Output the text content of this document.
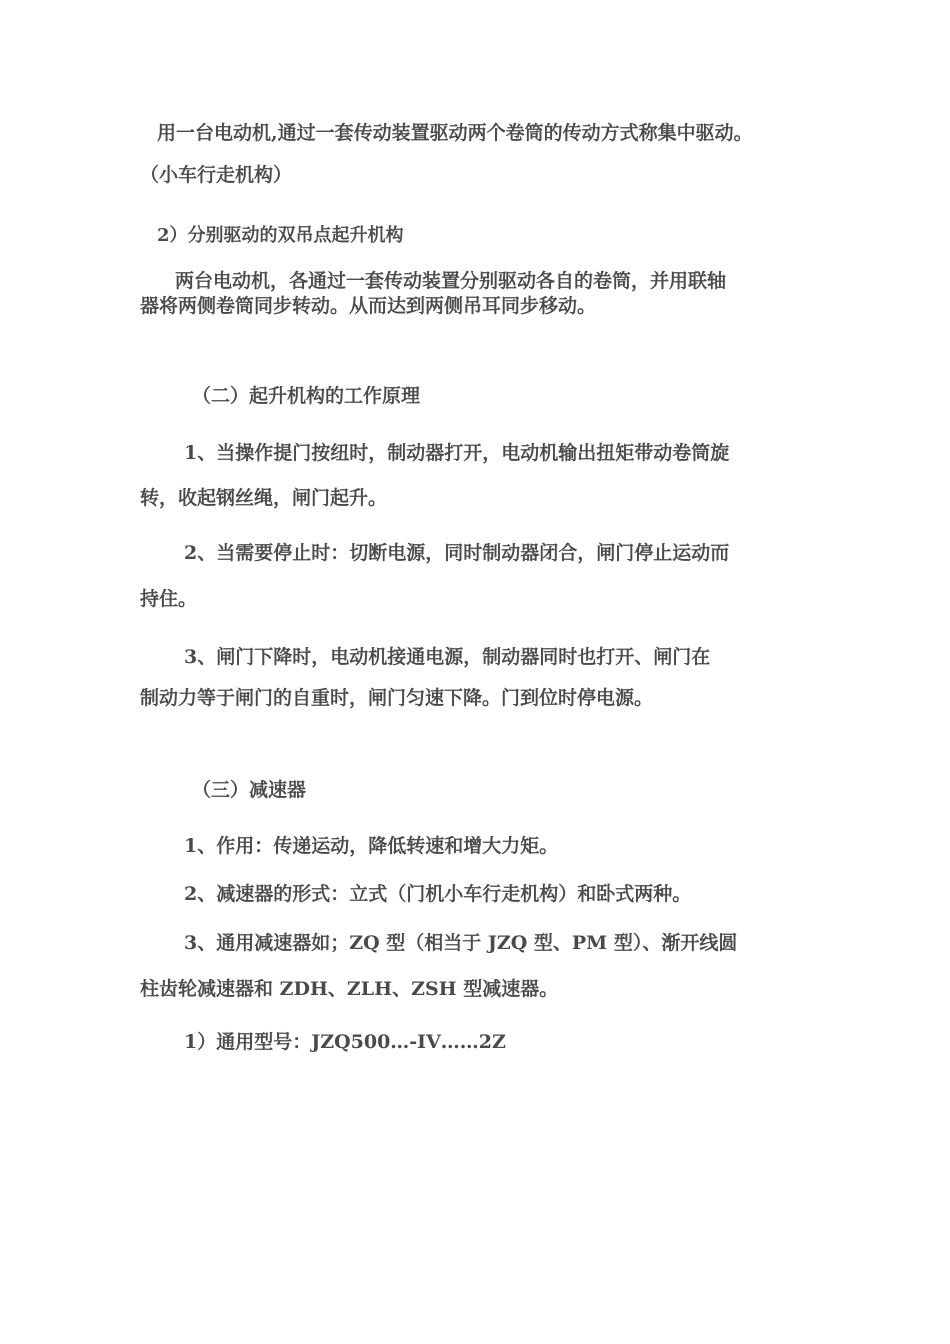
用一台电动机,通过一套传动装置驱动两个卷筒的传动方式称集中驱动。

（小车行走机构）

2）分别驱动的双吊点起升机构

两台电动机，各通过一套传动装置分别驱动各自的卷筒，并用联轴

器将两侧卷筒同步转动。从而达到两侧吊耳同步移动。

（二）起升机构的工作原理

1、当操作提门按纽时，制动器打开，电动机输出扭矩带动卷筒旋

转，收起钢丝绳，闸门起升。

2、当需要停止时：切断电源，同时制动器闭合，闸门停止运动而

持住。

3、闸门下降时，电动机接通电源，制动器同时也打开、闸门在

制动力等于闸门的自重时，闸门匀速下降。门到位时停电源。

（三）减速器

1、作用：传递运动，降低转速和增大力矩。

2、减速器的形式：立式（门机小车行走机构）和卧式两种。

3、通用减速器如；ZQ 型（相当于 JZQ 型、PM 型）、渐开线圆

柱齿轮减速器和 ZDH、ZLH、ZSH 型减速器。

1）通用型号：JZQ500…-IV……2Z
